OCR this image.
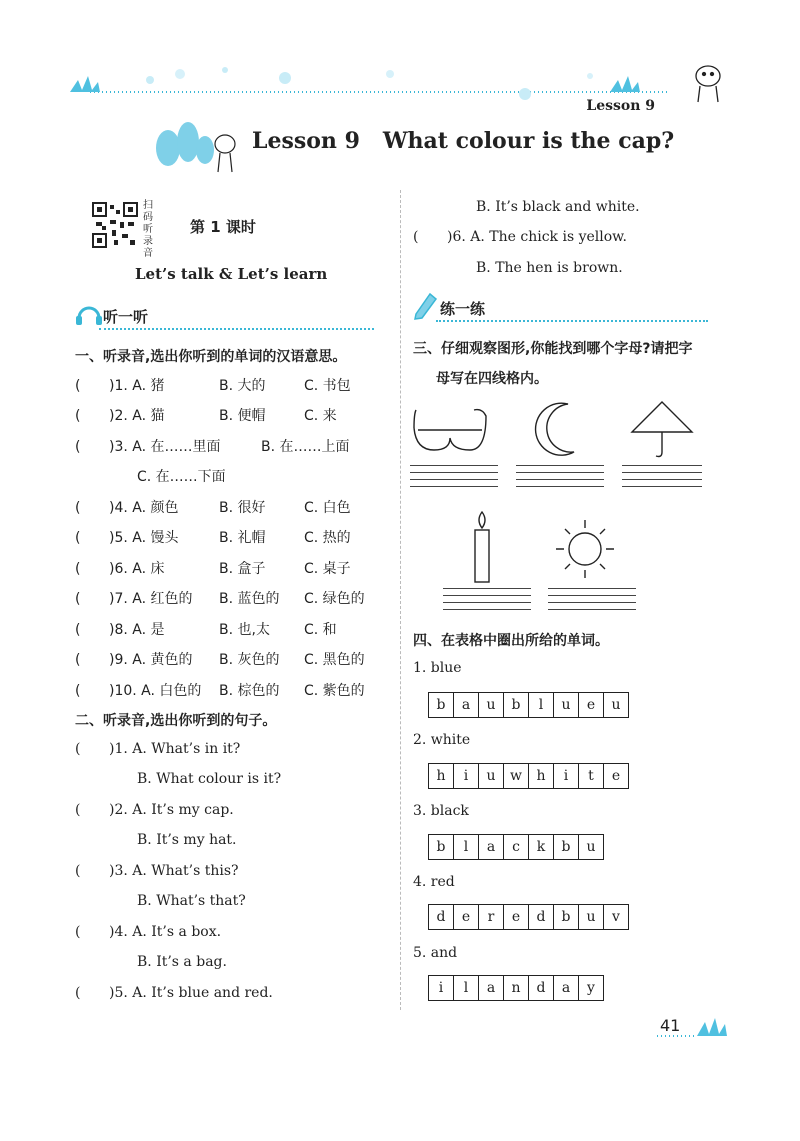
Lesson 9
Lesson 9   What colour is the cap?
扫码听录音
第 1 课时
Let’s talk & Let’s learn
听一听
一、听录音,选出你听到的单词的汉语意思。
( )1. A. 猪	B. 大的	C. 书包
( )2. A. 猫	B. 便帽	C. 来
( )3. A. 在……里面	B. 在……上面
C. 在……下面
( )4. A. 颜色	B. 很好	C. 白色
( )5. A. 馒头	B. 礼帽	C. 热的
( )6. A. 床	B. 盒子	C. 桌子
( )7. A. 红色的 B. 蓝色的 C. 绿色的
( )8. A. 是	B. 也,太 C. 和
( )9. A. 黄色的 B. 灰色的 C. 黑色的
( )10. A. 白色的 B. 棕色的 C. 紫色的
二、听录音,选出你听到的句子。
( )1. A. What’s in it?
B. What colour is it?
( )2. A. It’s my cap.
B. It’s my hat.
( )3. A. What’s this?
B. What’s that?
( )4. A. It’s a box.
B. It’s a bag.
( )5. A. It’s blue and red.
B. It’s black and white.
( )6. A. The chick is yellow.
B. The hen is brown.
练一练
三、仔细观察图形,你能找到哪个字母?请把字
母写在四线格内。
四、在表格中圈出所给的单词。
1. blue
b	a	u	b	l	u	e	u
2. white
h	i	u	w	h	i	t	e
3. black
b	l	a	c	k	b	u
4. red
d	e	r	e	d	b	u	v
5. and
i	l	a	n	d	a	y
41
